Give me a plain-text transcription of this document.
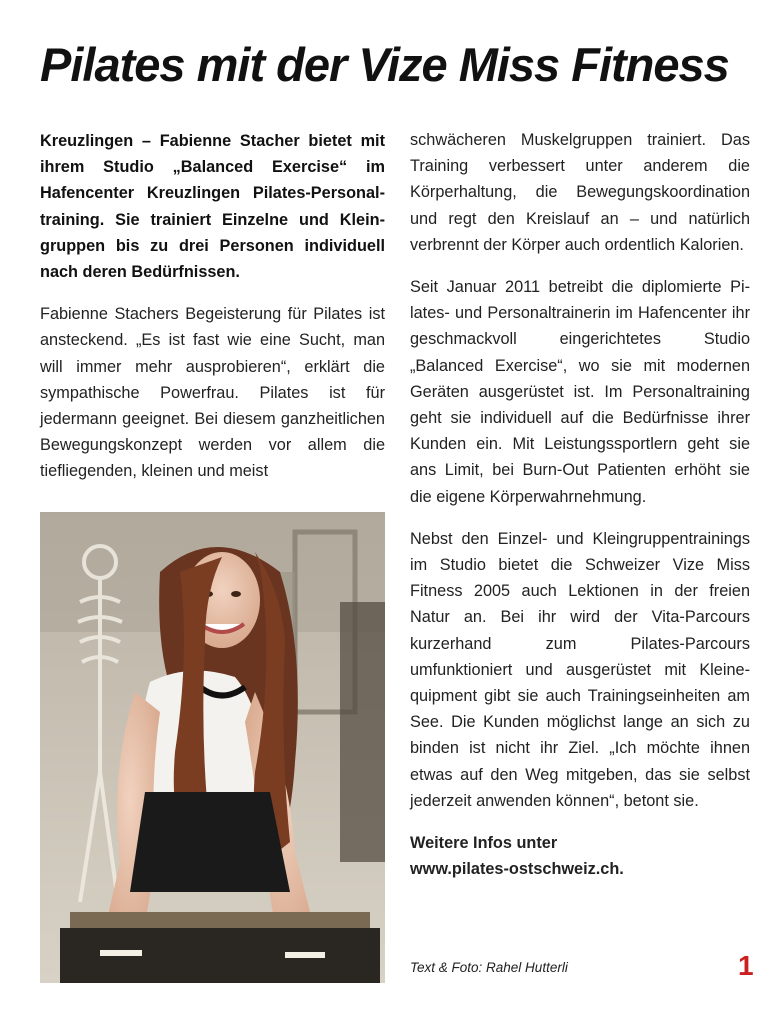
Pilates mit der Vize Miss Fitness

Kreuzlingen – Fabienne Stacher bietet mit ihrem Studio „Balanced Exercise“ im Hafencenter Kreuzlingen Pilates-Personaltraining. Sie trainiert Einzelne und Kleingruppen bis zu drei Personen individuell nach deren Bedürfnissen.

Fabienne Stachers Begeisterung für Pilates ist ansteckend. „Es ist fast wie eine Sucht, man will immer mehr ausprobieren“, erklärt die sympathische Powerfrau. Pilates ist für jedermann geeignet. Bei diesem ganzheitlichen Bewegungskonzept werden vor allem die tiefliegenden, kleinen und meist

schwächeren Muskelgruppen trainiert. Das Training verbessert unter anderem die Körperhaltung, die Bewegungskoordination und regt den Kreislauf an – und natürlich verbrennt der Körper auch ordentlich Kalorien.

Seit Januar 2011 betreibt die diplomierte Pilates- und Personaltrainerin im Hafencenter ihr geschmackvoll eingerichtetes Studio „Balanced Exercise“, wo sie mit modernen Geräten ausgerüstet ist. Im Personaltraining geht sie individuell auf die Bedürfnisse ihrer Kunden ein. Mit Leistungssportlern geht sie ans Limit, bei Burn-Out Patienten erhöht sie die eigene Körperwahrnehmung.

Nebst den Einzel- und Kleingruppentrainings im Studio bietet die Schweizer Vize Miss Fitness 2005 auch Lektionen in der freien Natur an. Bei ihr wird der Vita-Parcours kurzerhand zum Pilates-Parcours umfunktioniert und ausgerüstet mit Kleinequipment gibt sie auch Trainingseinheiten am See. Die Kunden möglichst lange an sich zu binden ist nicht ihr Ziel. „Ich möchte ihnen etwas auf den Weg mitgeben, das sie selbst jederzeit anwenden können“, betont sie.

Weitere Infos unter

www.pilates-ostschweiz.ch.

Text & Foto: Rahel Hutterli	1
